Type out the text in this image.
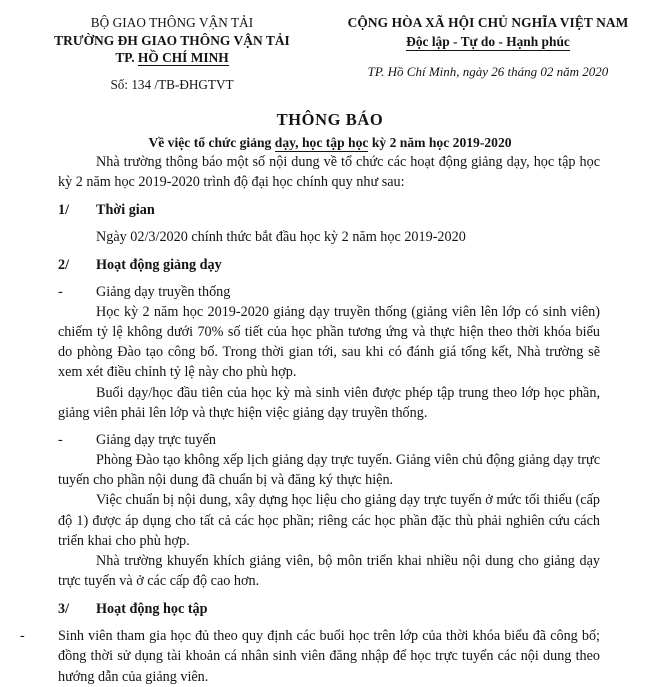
BỘ GIAO THÔNG VẬN TẢI
TRƯỜNG ĐH GIAO THÔNG VẬN TẢI
TP. HỒ CHÍ MINH
Số: 134 /TB-ĐHGTVT
CỘNG HÒA XÃ HỘI CHỦ NGHĨA VIỆT NAM
Độc lập - Tự do - Hạnh phúc
TP. Hồ Chí Minh, ngày 26 tháng 02 năm 2020
THÔNG BÁO
Về việc tổ chức giảng dạy, học tập học kỳ 2 năm học 2019-2020

Nhà trường thông báo một số nội dung về tổ chức các hoạt động giảng dạy, học tập học kỳ 2 năm học 2019-2020 trình độ đại học chính quy như sau:

1/	Thời gian

Ngày 02/3/2020 chính thức bắt đầu học kỳ 2 năm học 2019-2020

2/	Hoạt động giảng dạy
-	Giảng dạy truyền thống

Học kỳ 2 năm học 2019-2020 giảng dạy truyền thống (giảng viên lên lớp có sinh viên) chiếm tỷ lệ không dưới 70% số tiết của học phần tương ứng và thực hiện theo thời khóa biểu do phòng Đào tạo công bố. Trong thời gian tới, sau khi có đánh giá tổng kết, Nhà trường sẽ xem xét điều chỉnh tỷ lệ này cho phù hợp.

Buổi dạy/học đầu tiên của học kỳ mà sinh viên được phép tập trung theo lớp học phần, giảng viên phải lên lớp và thực hiện việc giảng dạy truyền thống.

-	Giảng dạy trực tuyến

Phòng Đào tạo không xếp lịch giảng dạy trực tuyến. Giảng viên chủ động giảng dạy trực tuyến cho phần nội dung đã chuẩn bị và đăng ký thực hiện.

Việc chuẩn bị nội dung, xây dựng học liệu cho giảng dạy trực tuyến ở mức tối thiểu (cấp độ 1) được áp dụng cho tất cả các học phần; riêng các học phần đặc thù phải nghiên cứu cách triển khai cho phù hợp.

Nhà trường khuyến khích giảng viên, bộ môn triển khai nhiều nội dung cho giảng dạy trực tuyến và ở các cấp độ cao hơn.

3/	Hoạt động học tập
- Sinh viên tham gia học đủ theo quy định các buổi học trên lớp của thời khóa biểu đã công bố; đồng thời sử dụng tài khoản cá nhân sinh viên đăng nhập để học trực tuyến các nội dung theo hướng dẫn của giảng viên.
